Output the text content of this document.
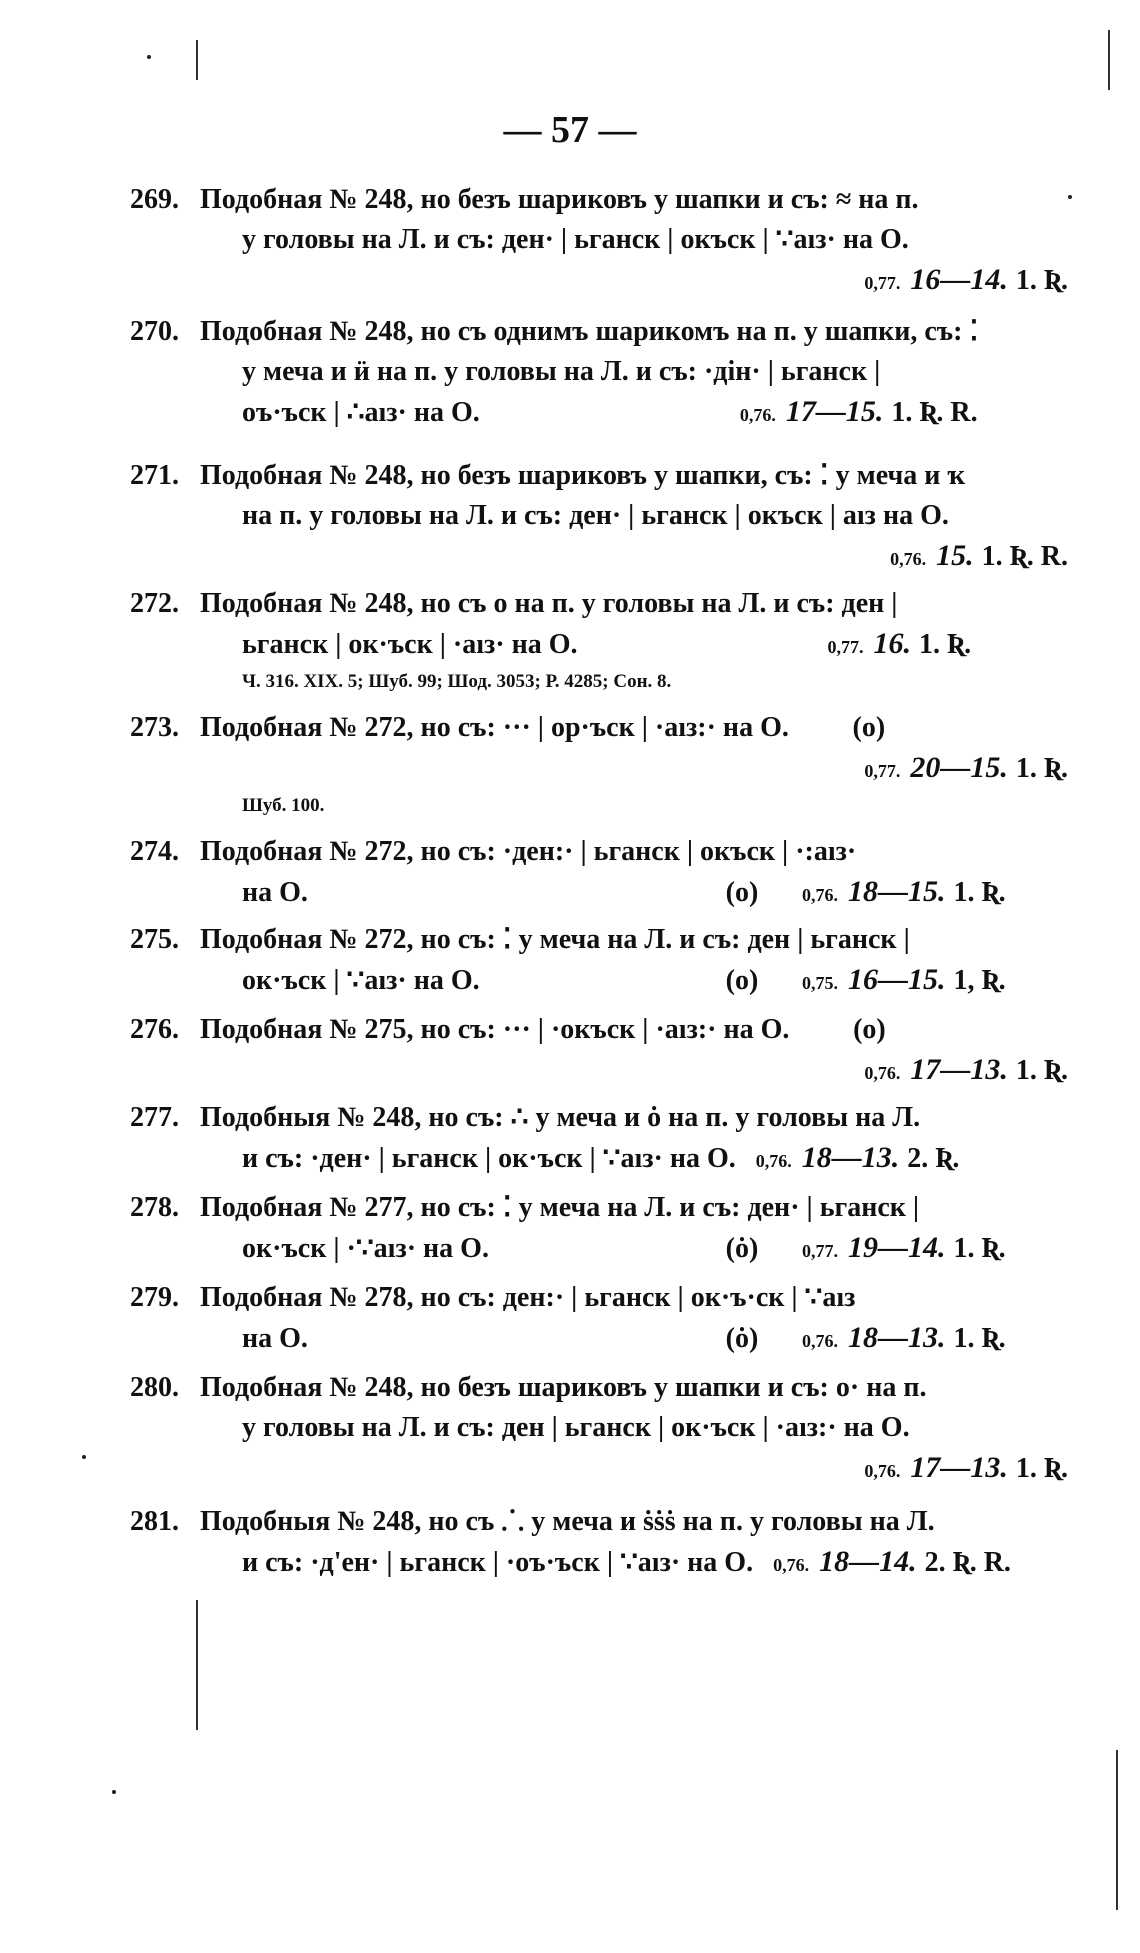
— 57 —
269. Подобная № 248, но безъ шариковъ у шапки и съ: ≈ на п.
у головы на Л. и съ: ден· | ьганск | окъск | ∵аıз· на О.
0,77. 16—14. 1. Ʀ.
270. Подобная № 248, но съ однимъ шарикомъ на п. у шапки, съ: ⁚
у меча и ӥ на п. у головы на Л. и съ: ·дiн· | ьганск |
оъ·ъск | ∴аıз· на О.	0,76. 17—15. 1. Ʀ. R.
271. Подобная № 248, но безъ шариковъ у шапки, съ: ⁚ у меча и ҡ
на п. у головы на Л. и съ: ден· | ьганск | окъск | аıз на О.
0,76. 15. 1. Ʀ. R.
272. Подобная № 248, но съ о на п. у головы на Л. и съ: ден |
ьганск | ок·ъск | ·аıз· на О.	0,77. 16. 1. Ʀ.
Ч. 316. XIX. 5; Шуб. 99; Шод. 3053; Р. 4285; Сон. 8.
273. Подобная № 272, но съ: ··· | ор·ъск | ·аıз:· на О. (о)
0,77. 20—15. 1. Ʀ.
Шуб. 100.
274. Подобная № 272, но съ: ·ден:· | ьганск | окъск | ·:аıз·
на О.	(о) 0,76. 18—15. 1. Ʀ.
275. Подобная № 272, но съ: ⁚ у меча на Л. и съ: ден | ьганск |
ок·ъск | ∵аıз· на О.	(о) 0,75. 16—15. 1, Ʀ.
276. Подобная № 275, но съ: ··· | ·окъск | ·аıз:· на О. (о)
0,76. 17—13. 1. Ʀ.
277. Подобныя № 248, но съ: ∴ у меча и ȯ на п. у головы на Л.
и съ: ·ден· | ьганск | ок·ъск | ∵аıз· на О. 0,76. 18—13. 2. Ʀ.
278. Подобная № 277, но съ: ⁚ у меча на Л. и съ: ден· | ьганск |
ок·ъск | ·∵аıз· на О.	(ȯ) 0,77. 19—14. 1. Ʀ.
279. Подобная № 278, но съ: ден:· | ьганск | ок·ъ·ск | ∵аıз
на О.	(ȯ) 0,76. 18—13. 1. Ʀ.
280. Подобная № 248, но безъ шариковъ у шапки и съ: о· на п.
у головы на Л. и съ: ден | ьганск | ок·ъск | ·аıз:· на О.
0,76. 17—13. 1. Ʀ.
281. Подобныя № 248, но съ ⸫ у меча и ṡṡṡ на п. у головы на Л.
и съ: ·д'ен· | ьганск | ·оъ·ъск | ∵аıз· на О. 0,76. 18—14. 2. Ʀ. R.
